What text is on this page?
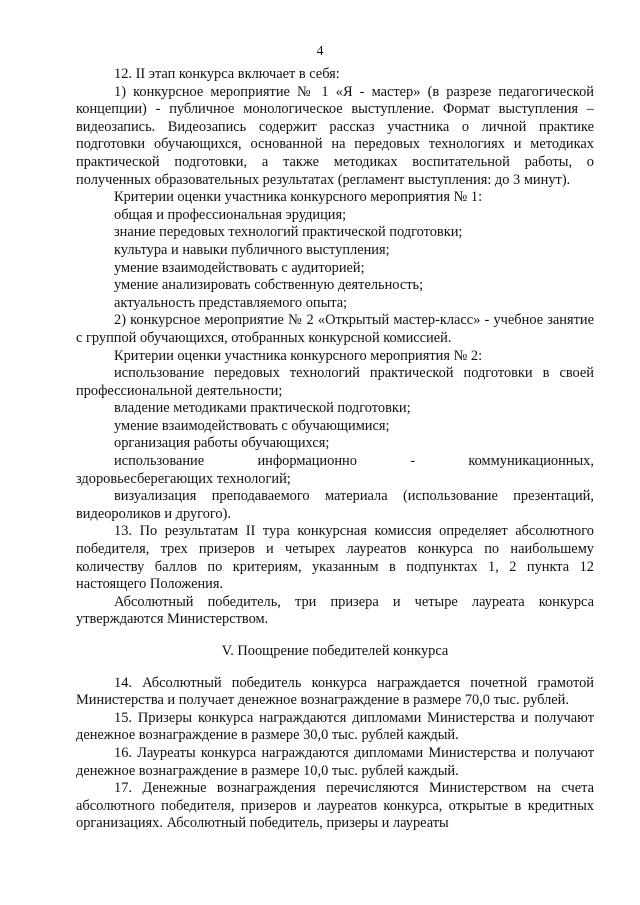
4

12. II этап конкурса включает в себя:

1) конкурсное мероприятие № 1 «Я - мастер» (в разрезе педагогической концепции) - публичное монологическое выступление. Формат выступления – видеозапись. Видеозапись содержит рассказ участника о личной практике подготовки обучающихся, основанной на передовых технологиях и методиках практической подготовки, а также методиках воспитательной работы, о полученных образовательных результатах (регламент выступления: до 3 минут).

Критерии оценки участника конкурсного мероприятия № 1:

общая и профессиональная эрудиция;

знание передовых технологий практической подготовки;

культура и навыки публичного выступления;

умение взаимодействовать с аудиторией;

умение анализировать собственную деятельность;

актуальность представляемого опыта;

2) конкурсное мероприятие № 2 «Открытый мастер-класс» - учебное занятие с группой обучающихся, отобранных конкурсной комиссией.

Критерии оценки участника конкурсного мероприятия № 2:

использование передовых технологий практической подготовки в своей профессиональной деятельности;

владение методиками практической подготовки;

умение взаимодействовать с обучающимися;

организация работы обучающихся;

использование	информационно	-	коммуникационных,

здоровьесберегающих технологий;

визуализация преподаваемого материала (использование презентаций, видеороликов и другого).

13. По результатам II тура конкурсная комиссия определяет абсолютного победителя, трех призеров и четырех лауреатов конкурса по наибольшему количеству баллов по критериям, указанным в подпунктах 1, 2 пункта 12 настоящего Положения.

Абсолютный победитель, три призера и четыре лауреата конкурса утверждаются Министерством.

V. Поощрение победителей конкурса

14. Абсолютный победитель конкурса награждается почетной грамотой Министерства и получает денежное вознаграждение в размере 70,0 тыс. рублей.

15. Призеры конкурса награждаются дипломами Министерства и получают денежное вознаграждение в размере 30,0 тыс. рублей каждый.

16. Лауреаты конкурса награждаются дипломами Министерства и получают денежное вознаграждение в размере 10,0 тыс. рублей каждый.

17. Денежные вознаграждения перечисляются Министерством на счета абсолютного победителя, призеров и лауреатов конкурса, открытые в кредитных организациях. Абсолютный победитель, призеры и лауреаты
